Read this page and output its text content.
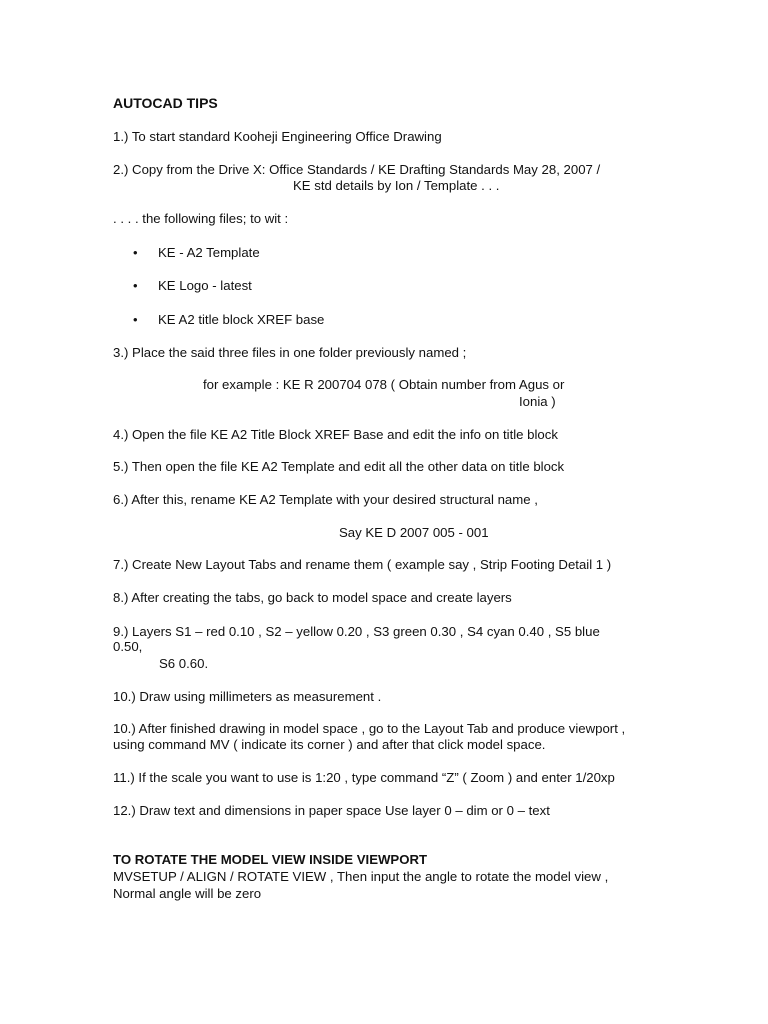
AUTOCAD TIPS
1.) To start standard Kooheji Engineering Office Drawing
2.) Copy from the Drive X: Office Standards / KE Drafting Standards May 28, 2007 /
KE std details by Ion / Template . . .
. . . . the following files; to wit :
• KE - A2 Template
• KE Logo - latest
• KE A2 title block XREF base
3.) Place the said three files in one folder previously named ;
for example : KE R 200704 078 ( Obtain number from Agus or
Ionia )
4.) Open the file KE A2 Title Block XREF Base and edit the info on title block
5.) Then open the file KE A2 Template and edit all the other data on title block
6.) After this, rename KE A2 Template with your desired structural name ,
Say KE D 2007 005 - 001
7.) Create New Layout Tabs and rename them ( example say , Strip Footing Detail 1 )
8.) After creating the tabs, go back to model space and create layers
9.) Layers S1 – red 0.10 , S2 – yellow 0.20 , S3 green 0.30 , S4 cyan 0.40 , S5 blue
0.50,
S6 0.60.
10.) Draw using millimeters as measurement .
10.) After finished drawing in model space , go to the Layout Tab and produce viewport ,
using command MV ( indicate its corner ) and after that click model space.
11.) If the scale you want to use is 1:20 , type command “Z” ( Zoom ) and enter 1/20xp
12.) Draw text and dimensions in paper space Use layer 0 – dim or 0 – text
TO ROTATE THE MODEL VIEW INSIDE VIEWPORT
MVSETUP / ALIGN / ROTATE VIEW , Then input the angle to rotate the model view ,
Normal angle will be zero
